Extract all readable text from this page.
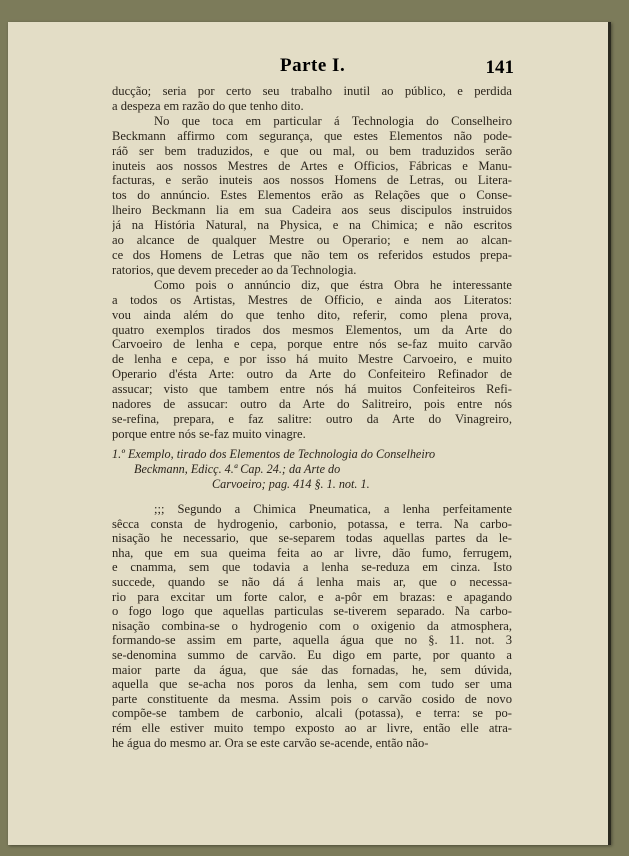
Parte I.	141
ducção; seria por certo seu trabalho inutil ao público, e perdida
a despeza em razão do que tenho dito.
No que toca em particular á Technologia do Conselheiro
Beckmann affirmo com segurança, que estes Elementos não pode-
ráõ ser bem traduzidos, e que ou mal, ou bem traduzidos serão
inuteis aos nossos Mestres de Artes e Officios, Fábricas e Manu-
facturas, e serão inuteis aos nossos Homens de Letras, ou Litera-
tos do annúncio. Estes Elementos erão as Relações que o Conse-
lheiro Beckmann lia em sua Cadeira aos seus discipulos instruidos
já na História Natural, na Physica, e na Chimica; e não escritos
ao alcance de qualquer Mestre ou Operario; e nem ao alcan-
ce dos Homens de Letras que não tem os referidos estudos prepa-
ratorios, que devem preceder ao da Technologia.
Como pois o annúncio diz, que éstra Obra he interessante
a todos os Artistas, Mestres de Officio, e ainda aos Literatos:
vou ainda além do que tenho dito, referir, como plena prova,
quatro exemplos tirados dos mesmos Elementos, um da Arte do
Carvoeiro de lenha e cepa, porque entre nós se-faz muito carvão
de lenha e cepa, e por isso há muito Mestre Carvoeiro, e muito
Operario d'ésta Arte: outro da Arte do Confeiteiro Refinador de
assucar; visto que tambem entre nós há muitos Confeiteiros Refi-
nadores de assucar: outro da Arte do Salitreiro, pois entre nós
se-refina, prepara, e faz salitre: outro da Arte do Vinagreiro,
porque entre nós se-faz muito vinagre.
1.º Exemplo, tirado dos Elementos de Technologia do Conselheiro
Beckmann, Edicç. 4.ª Cap. 24.; da Arte do
Carvoeiro; pag. 414 §. 1. not. 1.
;;; Segundo a Chimica Pneumatica, a lenha perfeitamente
sêcca consta de hydrogenio, carbonio, potassa, e terra. Na carbo-
nisação he necessario, que se-separem todas aquellas partes da le-
nha, que em sua queima feita ao ar livre, dão fumo, ferrugem,
e cnamma, sem que todavia a lenha se-reduza em cinza. Isto
succede, quando se não dá á lenha mais ar, que o necessa-
rio para excitar um forte calor, e a-pôr em brazas: e apagando
o fogo logo que aquellas particulas se-tiverem separado. Na carbo-
nisação combina-se o hydrogenio com o oxigenio da atmosphera,
formando-se assim em parte, aquella água que no §. 11. not. 3
se-denomina summo de carvão. Eu digo em parte, por quanto a
maior parte da água, que sáe das fornadas, he, sem dúvida,
aquella que se-acha nos poros da lenha, sem com tudo ser uma
parte constituente da mesma. Assim pois o carvão cosido de novo
compõe-se tambem de carbonio, alcali (potassa), e terra: se po-
rém elle estiver muito tempo exposto ao ar livre, então elle atra-
he água do mesmo ar. Ora se este carvão se-acende, então não-
